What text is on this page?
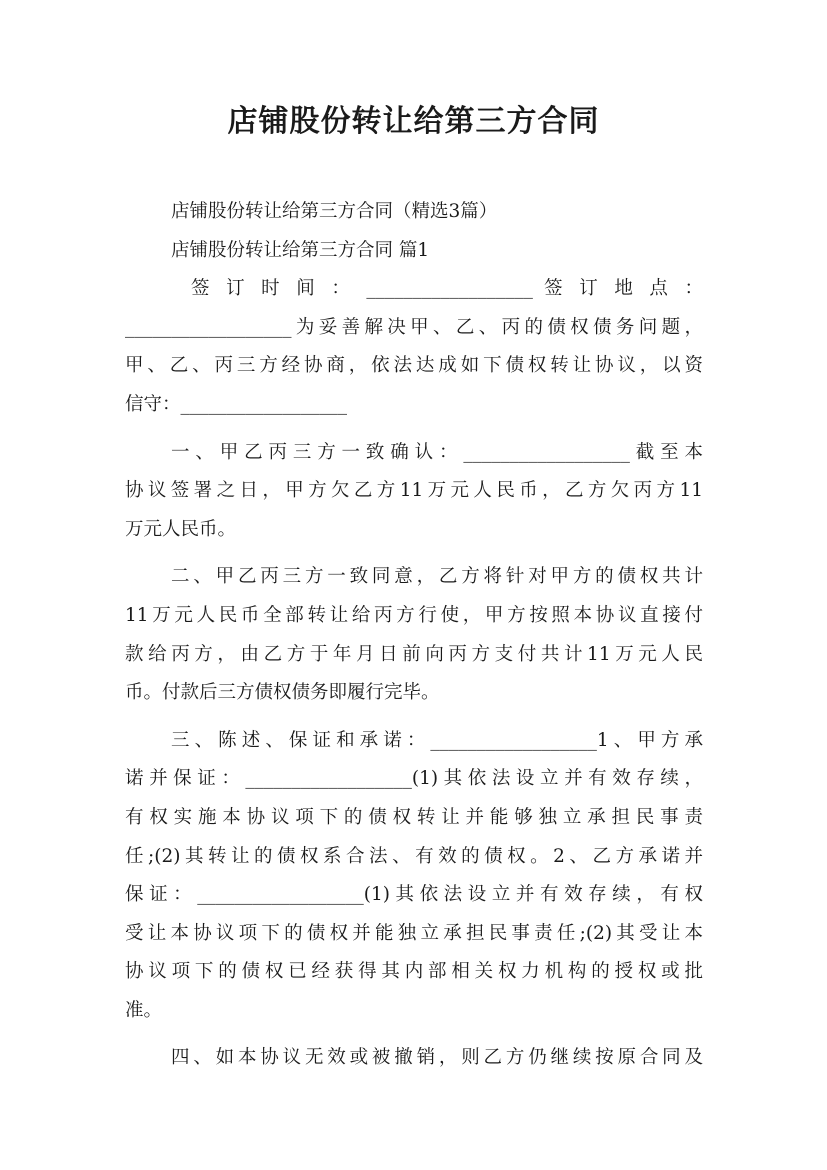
店铺股份转让给第三方合同
店铺股份转让给第三方合同（精选3篇）
店铺股份转让给第三方合同 篇1
签 订 时 间 ： __________________ 签 订 地 点 ：
__________________为妥善解决甲、乙、丙的债权债务问题，
甲、乙、丙三方经协商，依法达成如下债权转让协议，以资
信守：__________________
一、甲乙丙三方一致确认：__________________截至本
协议签署之日，甲方欠乙方11万元人民币，乙方欠丙方11
万元人民币。
二、甲乙丙三方一致同意，乙方将针对甲方的债权共计
11万元人民币全部转让给丙方行使，甲方按照本协议直接付
款给丙方，由乙方于年月日前向丙方支付共计11万元人民
币。付款后三方债权债务即履行完毕。
三、陈述、保证和承诺：__________________1、甲方承
诺并保证：__________________(1)其依法设立并有效存续，
有权实施本协议项下的债权转让并能够独立承担民事责
任;(2)其转让的债权系合法、有效的债权。2、乙方承诺并
保证：__________________(1)其依法设立并有效存续，有权
受让本协议项下的债权并能独立承担民事责任;(2)其受让本
协议项下的债权已经获得其内部相关权力机构的授权或批
准。
四、如本协议无效或被撤销，则乙方仍继续按原合同及
